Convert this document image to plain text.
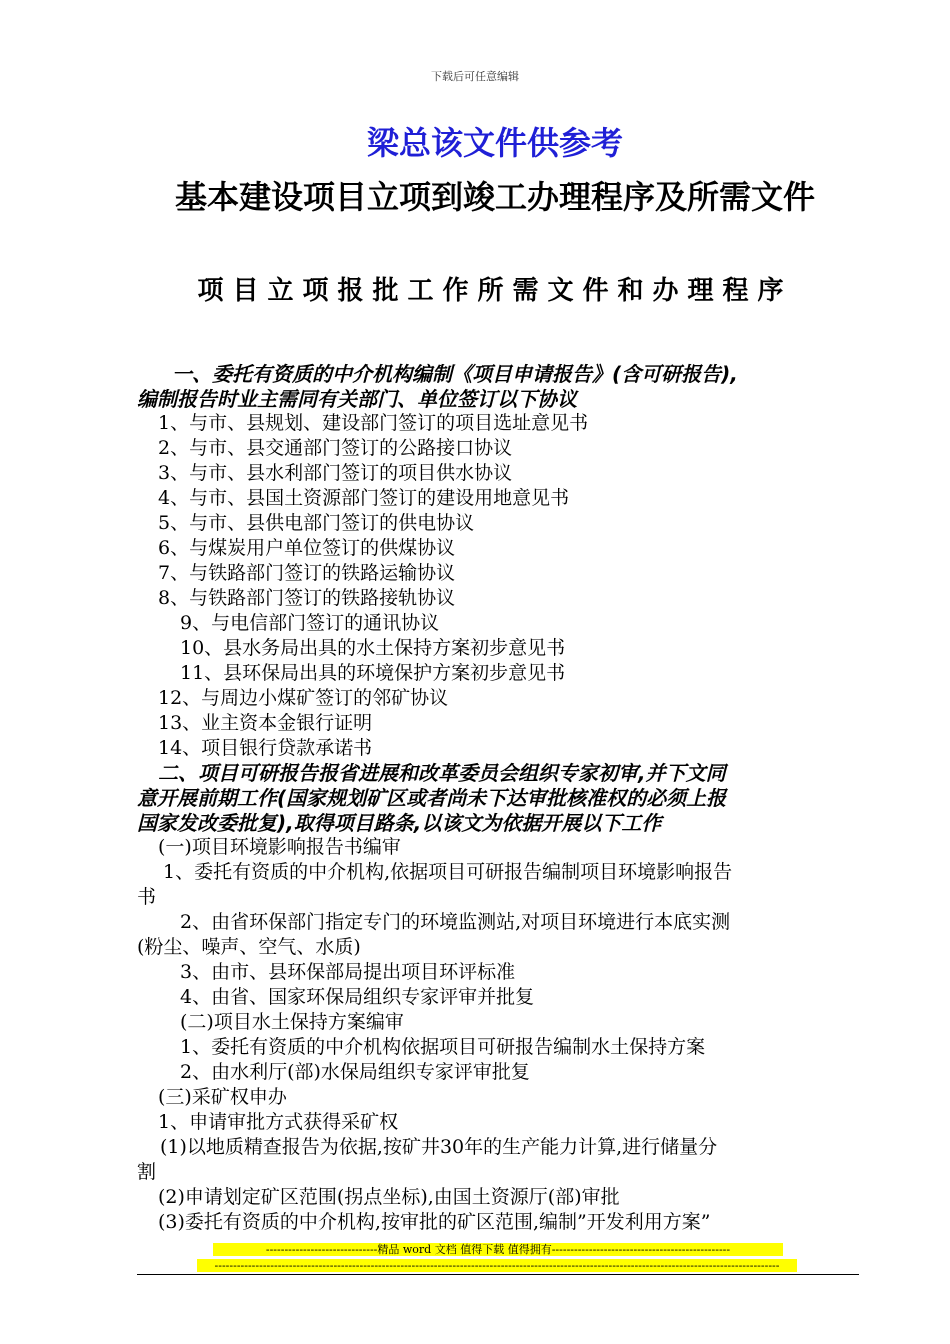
下载后可任意编辑
梁总该文件供参考
基本建设项目立项到竣工办理程序及所需文件
项目立项报批工作所需文件和办理程序
一、委托有资质的中介机构编制《项目申请报告》(含可研报告),
编制报告时业主需同有关部门、单位签订以下协议
1、与市、县规划、建设部门签订的项目选址意见书
2、与市、县交通部门签订的公路接口协议
3、与市、县水利部门签订的项目供水协议
4、与市、县国土资源部门签订的建设用地意见书
5、与市、县供电部门签订的供电协议
6、与煤炭用户单位签订的供煤协议
7、与铁路部门签订的铁路运输协议
8、与铁路部门签订的铁路接轨协议
9、与电信部门签订的通讯协议
10、县水务局出具的水土保持方案初步意见书
11、县环保局出具的环境保护方案初步意见书
12、与周边小煤矿签订的邻矿协议
13、业主资本金银行证明
14、项目银行贷款承诺书
二、项目可研报告报省进展和改革委员会组织专家初审,并下文同
意开展前期工作(国家规划矿区或者尚未下达审批核准权的必须上报
国家发改委批复),取得项目路条,以该文为依据开展以下工作
(一)项目环境影响报告书编审
1、委托有资质的中介机构,依据项目可研报告编制项目环境影响报告
书
2、由省环保部门指定专门的环境监测站,对项目环境进行本底实测
(粉尘、噪声、空气、水质)
3、由市、县环保部局提出项目环评标准
4、由省、国家环保局组织专家评审并批复
(二)项目水土保持方案编审
1、委托有资质的中介机构依据项目可研报告编制水土保持方案
2、由水利厅(部)水保局组织专家评审批复
(三)采矿权申办
1、申请审批方式获得采矿权
(1)以地质精查报告为依据,按矿井30年的生产能力计算,进行储量分
割
(2)申请划定矿区范围(拐点坐标),由国土资源厅(部)审批
(3)委托有资质的中介机构,按审批的矿区范围,编制”开发利用方案”
------------------------------精品 word 文档 值得下载 值得拥有------------------------------------------------
--------------------------------------------------------------------------------------------------------------------------------------------------------
